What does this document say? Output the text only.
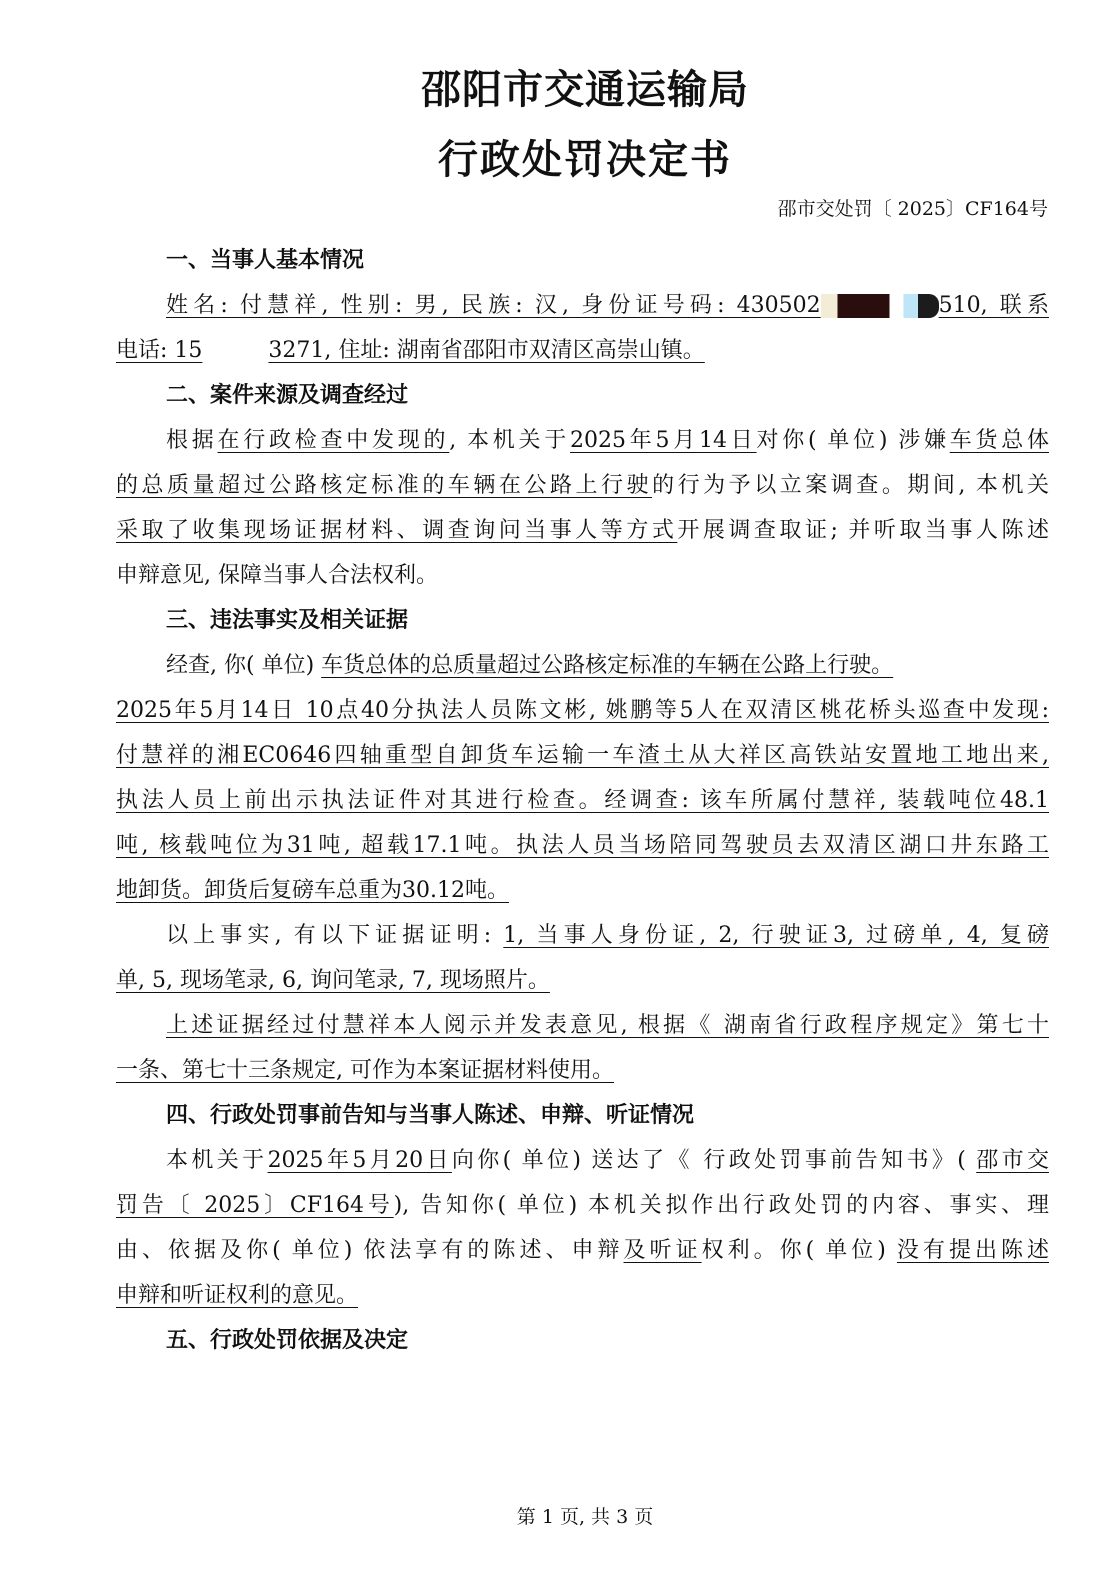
邵阳市交通运输局
行政处罚决定书
邵市交处罚〔 2025〕CF164号
一、当事人基本情况
姓名: 付慧祥, 性别: 男, 民族: 汉, 身份证号码: 430502	510, 联系
电话: 15	3271, 住址: 湖南省邵阳市双清区高崇山镇。
二、案件来源及调查经过
根据在行政检查中发现的, 本机关于2025年5月14日对你( 单位) 涉嫌车货总体
的总质量超过公路核定标准的车辆在公路上行驶的行为予以立案调查。期间, 本机关
采取了收集现场证据材料、调查询问当事人等方式开展调查取证; 并听取当事人陈述
申辩意见, 保障当事人合法权利。
三、违法事实及相关证据
经查, 你( 单位) 车货总体的总质量超过公路核定标准的车辆在公路上行驶。
2025年5月14日 10点40分执法人员陈文彬, 姚鹏等5人在双清区桃花桥头巡查中发现:
付慧祥的湘EC0646四轴重型自卸货车运输一车渣土从大祥区高铁站安置地工地出来,
执法人员上前出示执法证件对其进行检查。经调查: 该车所属付慧祥, 装载吨位48.1
吨, 核载吨位为31吨, 超载17.1吨。执法人员当场陪同驾驶员去双清区湖口井东路工
地卸货。卸货后复磅车总重为30.12吨。
以上事实, 有以下证据证明: 1, 当事人身份证, 2, 行驶证3, 过磅单, 4, 复磅
单, 5, 现场笔录, 6, 询问笔录, 7, 现场照片。
上述证据经过付慧祥本人阅示并发表意见, 根据《 湖南省行政程序规定》第七十
一条、第七十三条规定, 可作为本案证据材料使用。
四、行政处罚事前告知与当事人陈述、申辩、听证情况
本机关于2025年5月20日向你( 单位) 送达了《 行政处罚事前告知书》( 邵市交
罚告〔 2025〕CF164号), 告知你( 单位) 本机关拟作出行政处罚的内容、事实、理
由、依据及你( 单位) 依法享有的陈述、申辩及听证权利。你( 单位) 没有提出陈述
申辩和听证权利的意见。
五、行政处罚依据及决定
第 1 页, 共 3 页
